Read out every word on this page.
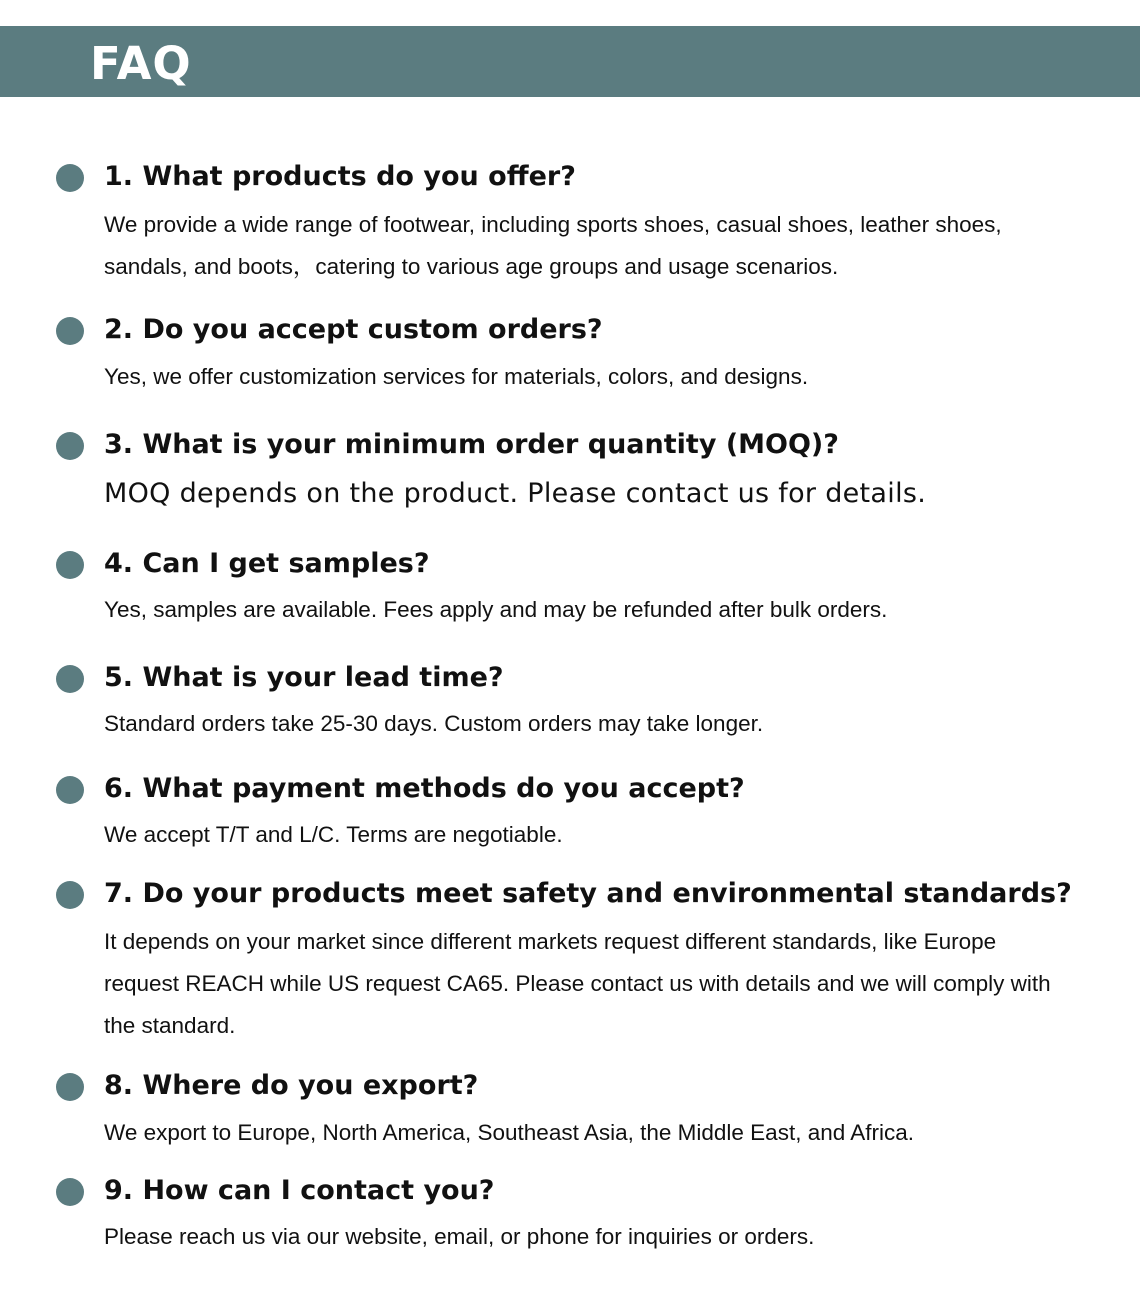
FAQ
1. What products do you offer?

We provide a wide range of footwear, including sports shoes, casual shoes, leather shoes, sandals, and boots，catering to various age groups and usage scenarios.

2. Do you accept custom orders?

Yes, we offer customization services for materials, colors, and designs.

3. What is your minimum order quantity (MOQ)?

MOQ depends on the product. Please contact us for details.

4. Can I get samples?

Yes, samples are available. Fees apply and may be refunded after bulk orders.

5. What is your lead time?

Standard orders take 25-30 days. Custom orders may take longer.

6. What payment methods do you accept?

We accept T/T and L/C. Terms are negotiable.

7. Do your products meet safety and environmental standards?

It depends on your market since different markets request different standards, like Europe request REACH while US request CA65. Please contact us with details and we will comply with the standard.

8. Where do you export?

We export to Europe, North America, Southeast Asia, the Middle East, and Africa.

9. How can I contact you?

Please reach us via our website, email, or phone for inquiries or orders.
